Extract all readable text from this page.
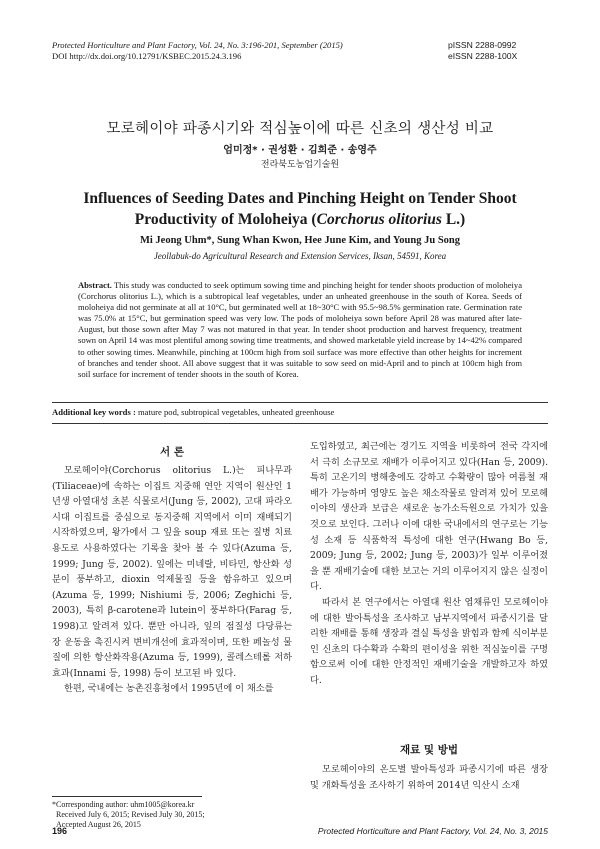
Protected Horticulture and Plant Factory, Vol. 24, No. 3:196-201, September (2015)
DOI http://dx.doi.org/10.12791/KSBEC.2015.24.3.196
pISSN 2288-0992
eISSN 2288-100X
모로헤이야 파종시기와 적심높이에 따른 신초의 생산성 비교
엄미정* · 권성환 · 김희준 · 송영주
전라북도농업기술원
Influences of Seeding Dates and Pinching Height on Tender Shoot
Productivity of Moloheiya (Corchorus olitorius L.)
Mi Jeong Uhm*, Sung Whan Kwon, Hee June Kim, and Young Ju Song
Jeollabuk-do Agricultural Research and Extension Services, Iksan, 54591, Korea
Abstract. This study was conducted to seek optimum sowing time and pinching height for tender shoots production of moloheiya (Corchorus olitorius L.), which is a subtropical leaf vegetables, under an unheated greenhouse in the south of Korea. Seeds of moloheiya did not germinate at all at 10°C, but germinated well at 18~30°C with 95.5~98.5% germination rate. Germination rate was 75.0% at 15°C, but germination speed was very low. The pods of moloheiya sown before April 28 was matured after late-August, but those sown after May 7 was not matured in that year. In tender shoot production and harvest frequency, treatment sown on April 14 was most plentiful among sowing time treatments, and showed marketable yield increase by 14~42% compared to other sowing times. Meanwhile, pinching at 100cm high from soil surface was more effective than other heights for increment of branches and tender shoot. All above suggest that it was suitable to sow seed on mid-April and to pinch at 100cm high from soil surface for increment of tender shoots in the south of Korea.
Additional key words : mature pod, subtropical vegetables, unheated greenhouse
서 론

모로헤이야(Corchorus olitorius L.)는 피나무과(Tiliaceae)에 속하는 이집트 지중해 연안 지역이 원산인 1년생 아열대성 초본 식물로서(Jung 등, 2002), 고대 파라오시대 이집트를 중심으로 동지중해 지역에서 이미 재배되기 시작하였으며, 왕가에서 그 잎을 soup 재료 또는 질병 치료 용도로 사용하였다는 기록을 찾아 볼 수 있다(Azuma 등, 1999; Jung 등, 2002). 잎에는 미네랄, 비타민, 항산화 성분이 풍부하고, dioxin 억제물질 등을 함유하고 있으며(Azuma 등, 1999; Nishiumi 등, 2006; Zeghichi 등, 2003), 특히 β-carotene과 lutein이 풍부하다(Farag 등, 1998)고 알려져 있다. 뿐만 아니라, 잎의 점질성 다당류는 장 운동을 촉진시켜 변비개선에 효과적이며, 또한 페놀성 물질에 의한 항산화작용(Azuma 등, 1999), 콜레스테롤 저하효과(Innami 등, 1998) 등이 보고된 바 있다.

한편, 국내에는 농촌진흥청에서 1995년에 이 채소를

도입하였고, 최근에는 경기도 지역을 비롯하여 전국 각지에서 극히 소규모로 재배가 이루어지고 있다(Han 등, 2009). 특히 고온기의 병해충에도 강하고 수확량이 많아 여름철 재배가 가능하며 영양도 높은 채소작물로 알려져 있어 모로헤이야의 생산과 보급은 새로운 농가소득원으로 가치가 있을 것으로 보인다. 그러나 이에 대한 국내에서의 연구로는 기능성 소재 등 식품학적 특성에 대한 연구(Hwang Bo 등, 2009; Jung 등, 2002; Jung 등, 2003)가 일부 이루어졌을 뿐 재배기술에 대한 보고는 거의 이루어지지 않은 실정이다.

따라서 본 연구에서는 아열대 원산 엽채류인 모로헤이야에 대한 발아특성을 조사하고 남부지역에서 파종시기를 달리한 재배를 통해 생장과 결실 특성을 밝힘과 함께 식이부분인 신초의 다수확과 수확의 편이성을 위한 적심높이를 구명함으로써 이에 대한 안정적인 재배기술을 개발하고자 하였다.

재료 및 방법

모로헤이야의 온도별 발아특성과 파종시기에 따른 생장 및 개화특성을 조사하기 위하여 2014년 익산시 소재

*Corresponding author: uhm1005@korea.kr
Received July 6, 2015; Revised July 30, 2015;
Accepted August 26, 2015
196	Protected Horticulture and Plant Factory, Vol. 24, No. 3, 2015
